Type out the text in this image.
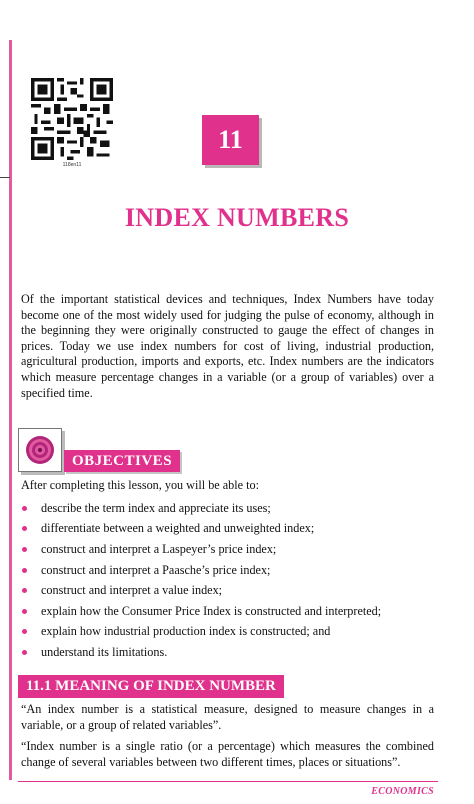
118en11
11
INDEX NUMBERS

Of the important statistical devices and techniques, Index Numbers have today become one of the most widely used for judging the pulse of economy, although in the beginning they were originally constructed to gauge the effect of changes in prices. Today we use index numbers for cost of living, industrial production, agricultural production, imports and exports, etc. Index numbers are the indicators which measure percentage changes in a variable (or a group of variables) over a specified time.

OBJECTIVES
After completing this lesson, you will be able to:
describe the term index and appreciate its uses;
differentiate between a weighted and unweighted index;
construct and interpret a Laspeyer’s price index;
construct and interpret a Paasche’s price index;
construct and interpret a value index;
explain how the Consumer Price Index is constructed and interpreted;
explain how industrial production index is constructed; and
understand its limitations.
11.1 MEANING OF INDEX NUMBER

“An index number is a statistical measure, designed to measure changes in a variable, or a group of related variables”.

“Index number is a single ratio (or a percentage) which measures the combined change of several variables between two different times, places or situations”.

ECONOMICS
